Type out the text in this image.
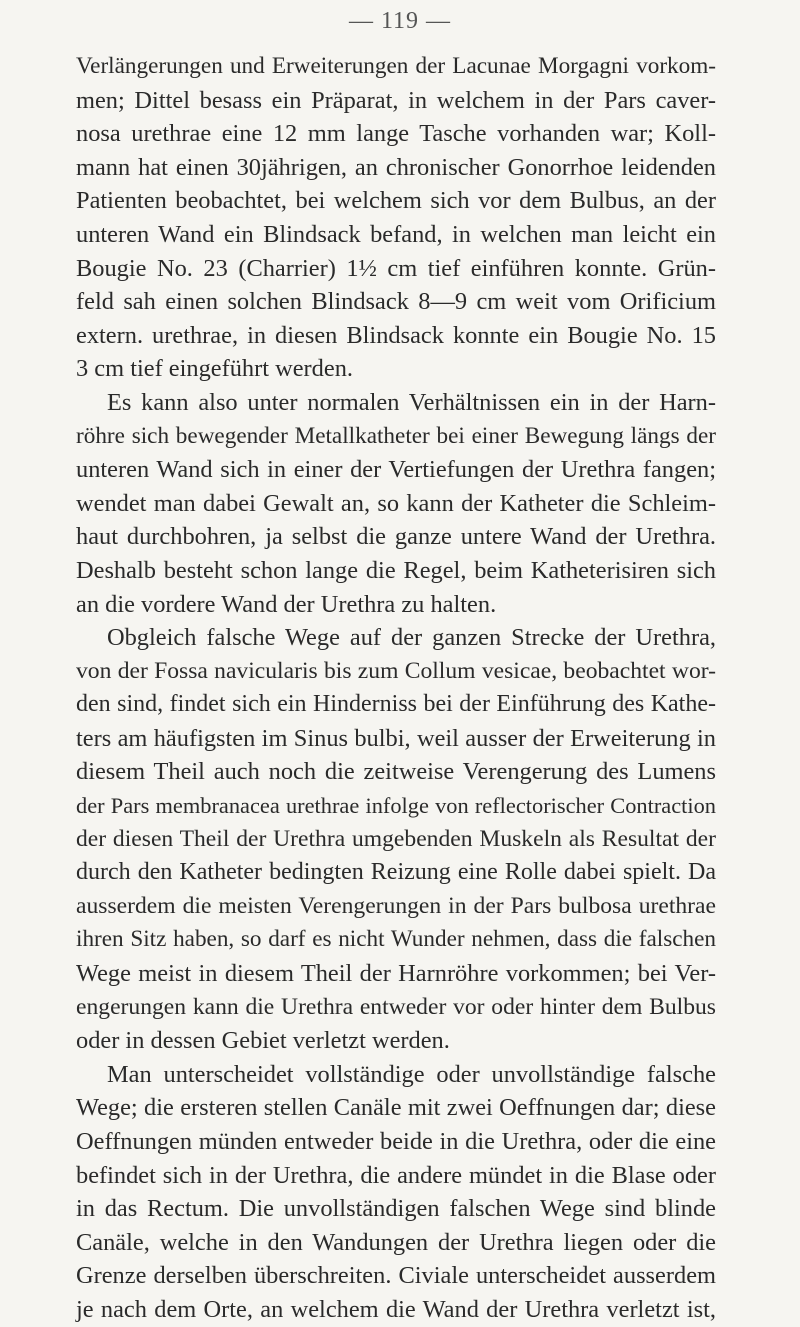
— 119 —
Verlängerungen und Erweiterungen der Lacunae Morgagni vorkom-
men; Dittel besass ein Präparat, in welchem in der Pars caver-
nosa urethrae eine 12 mm lange Tasche vorhanden war; Koll-
mann hat einen 30jährigen, an chronischer Gonorrhoe leidenden
Patienten beobachtet, bei welchem sich vor dem Bulbus, an der
unteren Wand ein Blindsack befand, in welchen man leicht ein
Bougie No. 23 (Charrier) 1½ cm tief einführen konnte. Grün-
feld sah einen solchen Blindsack 8—9 cm weit vom Orificium
extern. urethrae, in diesen Blindsack konnte ein Bougie No. 15
3 cm tief eingeführt werden.
Es kann also unter normalen Verhältnissen ein in der Harn-
röhre sich bewegender Metallkatheter bei einer Bewegung längs der
unteren Wand sich in einer der Vertiefungen der Urethra fangen;
wendet man dabei Gewalt an, so kann der Katheter die Schleim-
haut durchbohren, ja selbst die ganze untere Wand der Urethra.
Deshalb besteht schon lange die Regel, beim Katheterisiren sich
an die vordere Wand der Urethra zu halten.
Obgleich falsche Wege auf der ganzen Strecke der Urethra,
von der Fossa navicularis bis zum Collum vesicae, beobachtet wor-
den sind, findet sich ein Hinderniss bei der Einführung des Kathe-
ters am häufigsten im Sinus bulbi, weil ausser der Erweiterung in
diesem Theil auch noch die zeitweise Verengerung des Lumens
der Pars membranacea urethrae infolge von reflectorischer Contraction
der diesen Theil der Urethra umgebenden Muskeln als Resultat der
durch den Katheter bedingten Reizung eine Rolle dabei spielt. Da
ausserdem die meisten Verengerungen in der Pars bulbosa urethrae
ihren Sitz haben, so darf es nicht Wunder nehmen, dass die falschen
Wege meist in diesem Theil der Harnröhre vorkommen; bei Ver-
engerungen kann die Urethra entweder vor oder hinter dem Bulbus
oder in dessen Gebiet verletzt werden.
Man unterscheidet vollständige oder unvollständige falsche
Wege; die ersteren stellen Canäle mit zwei Oeffnungen dar; diese
Oeffnungen münden entweder beide in die Urethra, oder die eine
befindet sich in der Urethra, die andere mündet in die Blase oder
in das Rectum. Die unvollständigen falschen Wege sind blinde
Canäle, welche in den Wandungen der Urethra liegen oder die
Grenze derselben überschreiten. Civiale unterscheidet ausserdem
je nach dem Orte, an welchem die Wand der Urethra verletzt ist,
